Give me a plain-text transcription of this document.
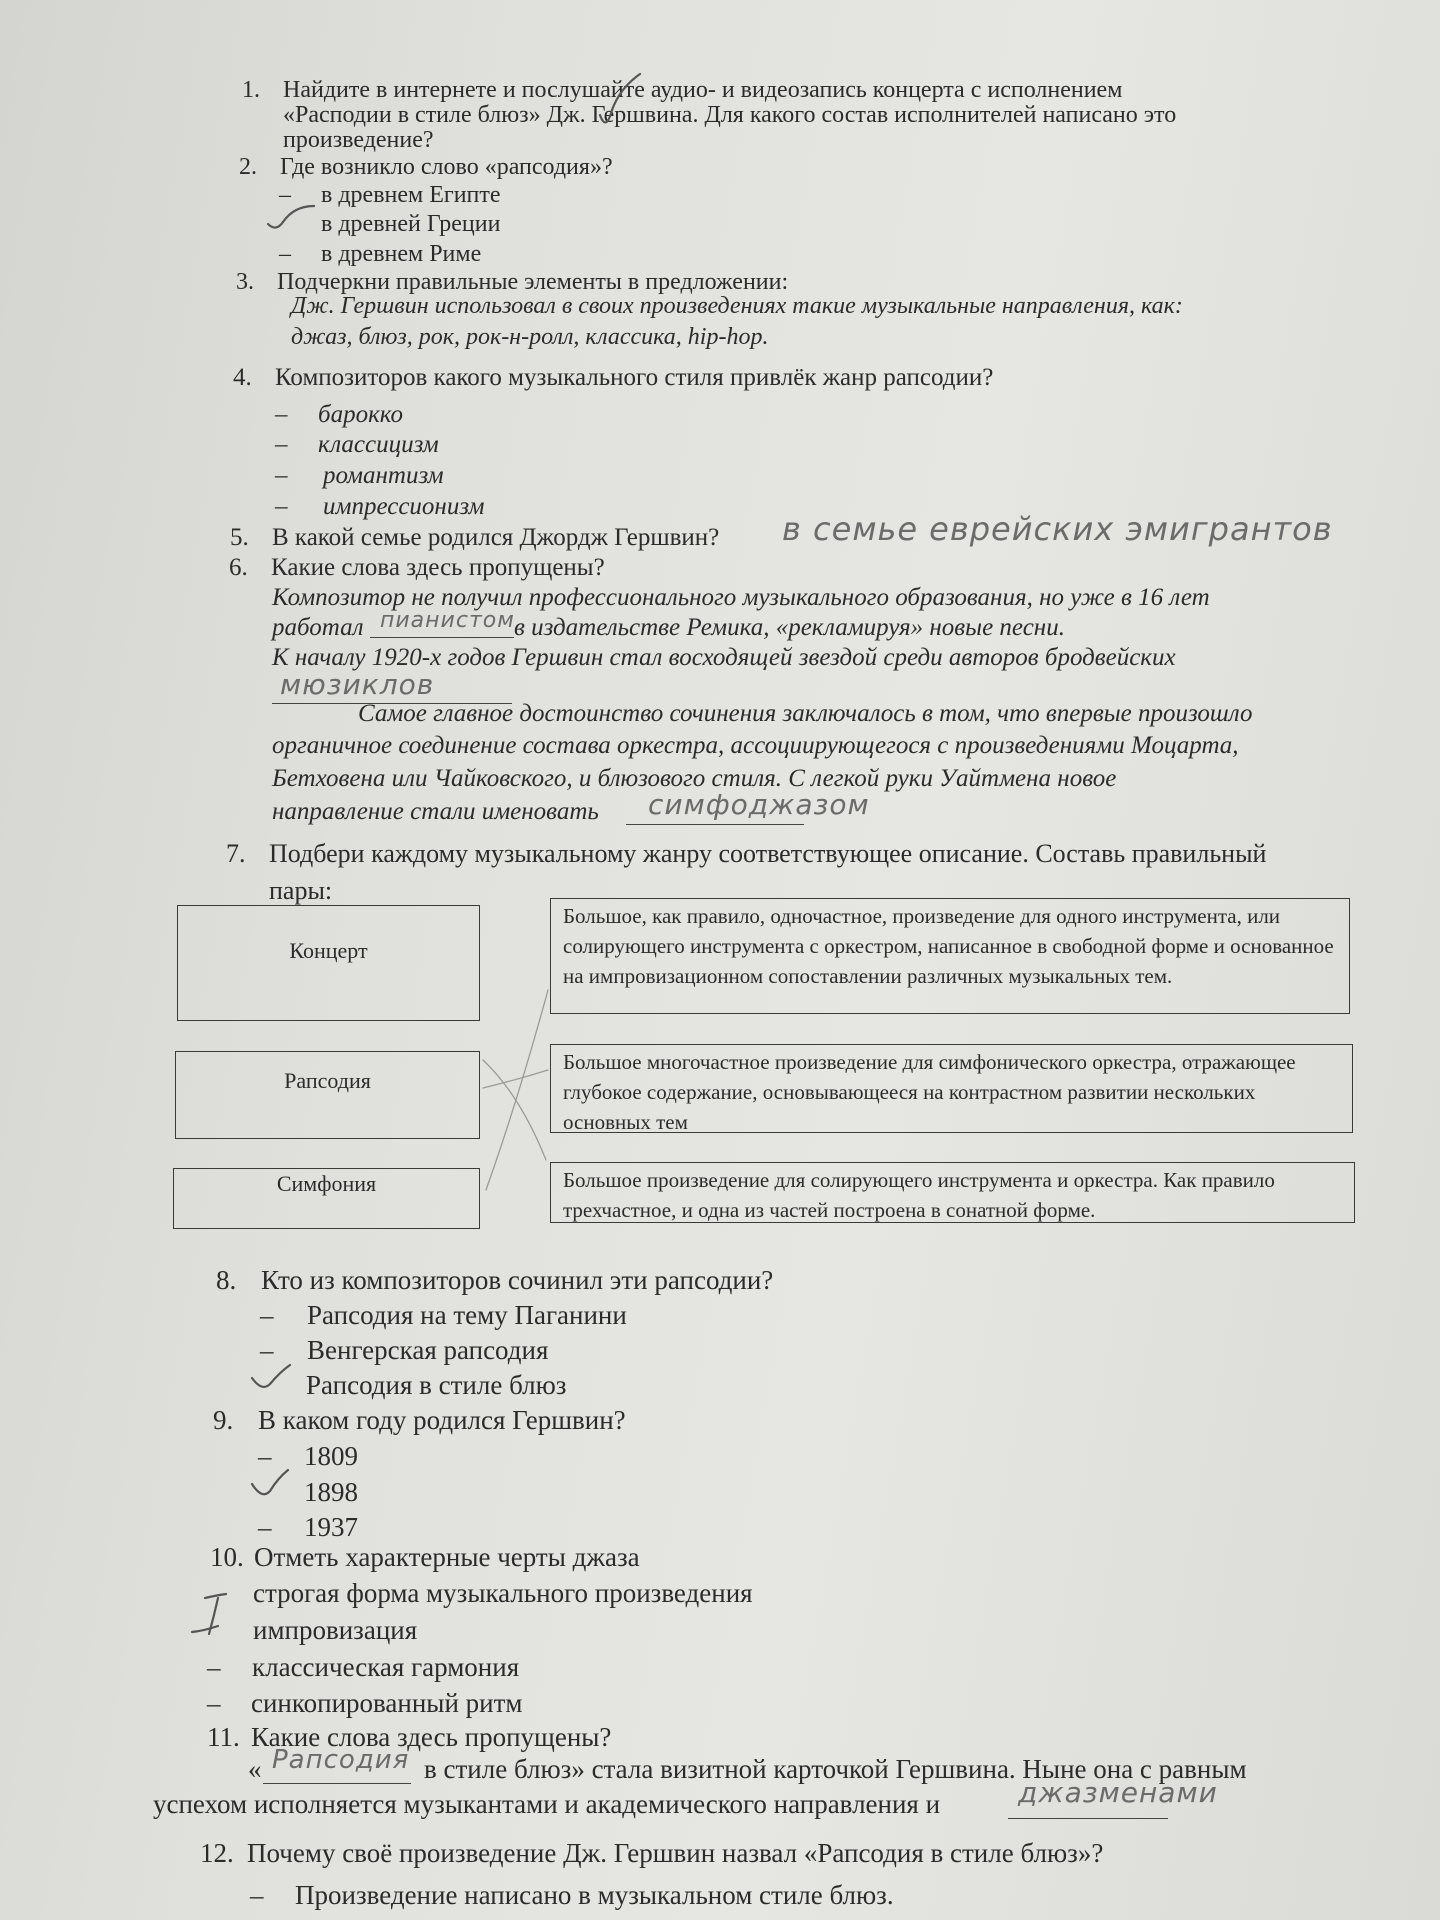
1. Найдите в интернете и послушайте аудио- и видеозапись концерта с исполнением
«Расподии в стиле блюз» Дж. Гершвина. Для какого состав исполнителей написано это
произведение?
2. Где возникло слово «рапсодия»?
– в древнем Египте
в древней Греции
– в древнем Риме
3. Подчеркни правильные элементы в предложении:
Дж. Гершвин использовал в своих произведениях такие музыкальные направления, как:
джаз, блюз, рок, рок-н-ролл, классика, hip-hop.
4. Композиторов какого музыкального стиля привлёк жанр рапсодии?
– барокко
– классицизм
– романтизм
– импрессионизм
5. В какой семье родился Джордж Гершвин? в семье еврейских эмигрантов
6. Какие слова здесь пропущены?
Композитор не получил профессионального музыкального образования, но уже в 16 лет
работал пианистом в издательстве Ремика, «рекламируя» новые песни.
К началу 1920-х годов Гершвин стал восходящей звездой среди авторов бродвейских
мюзиклов
Самое главное достоинство сочинения заключалось в том, что впервые произошло
органичное соединение состава оркестра, ассоциирующегося с произведениями Моцарта,
Бетховена или Чайковского, и блюзового стиля. С легкой руки Уайтмена новое
направление стали именовать симфоджазом
7. Подбери каждому музыкальному жанру соответствующее описание. Составь правильный
пары:
Концерт
Рапсодия
Симфония
Большое, как правило, одночастное, произведение для одного инструмента, или солирующего инструмента с оркестром, написанное в свободной форме и основанное на импровизационном сопоставлении различных музыкальных тем.
Большое многочастное произведение для симфонического оркестра, отражающее глубокое содержание, основывающееся на контрастном развитии нескольких основных тем
Большое произведение для солирующего инструмента и оркестра. Как правило трехчастное, и одна из частей построена в сонатной форме.
8. Кто из композиторов сочинил эти рапсодии?
– Рапсодия на тему Паганини
– Венгерская рапсодия
Рапсодия в стиле блюз
9. В каком году родился Гершвин?
– 1809
1898
– 1937
10. Отметь характерные черты джаза
строгая форма музыкального произведения
импровизация
– классическая гармония
– синкопированный ритм
11. Какие слова здесь пропущены?
« Рапсодия в стиле блюз» стала визитной карточкой Гершвина. Ныне она с равным
успехом исполняется музыкантами и академического направления и	джазменами
12. Почему своё произведение Дж. Гершвин назвал «Рапсодия в стиле блюз»?
– Произведение написано в музыкальном стиле блюз.
